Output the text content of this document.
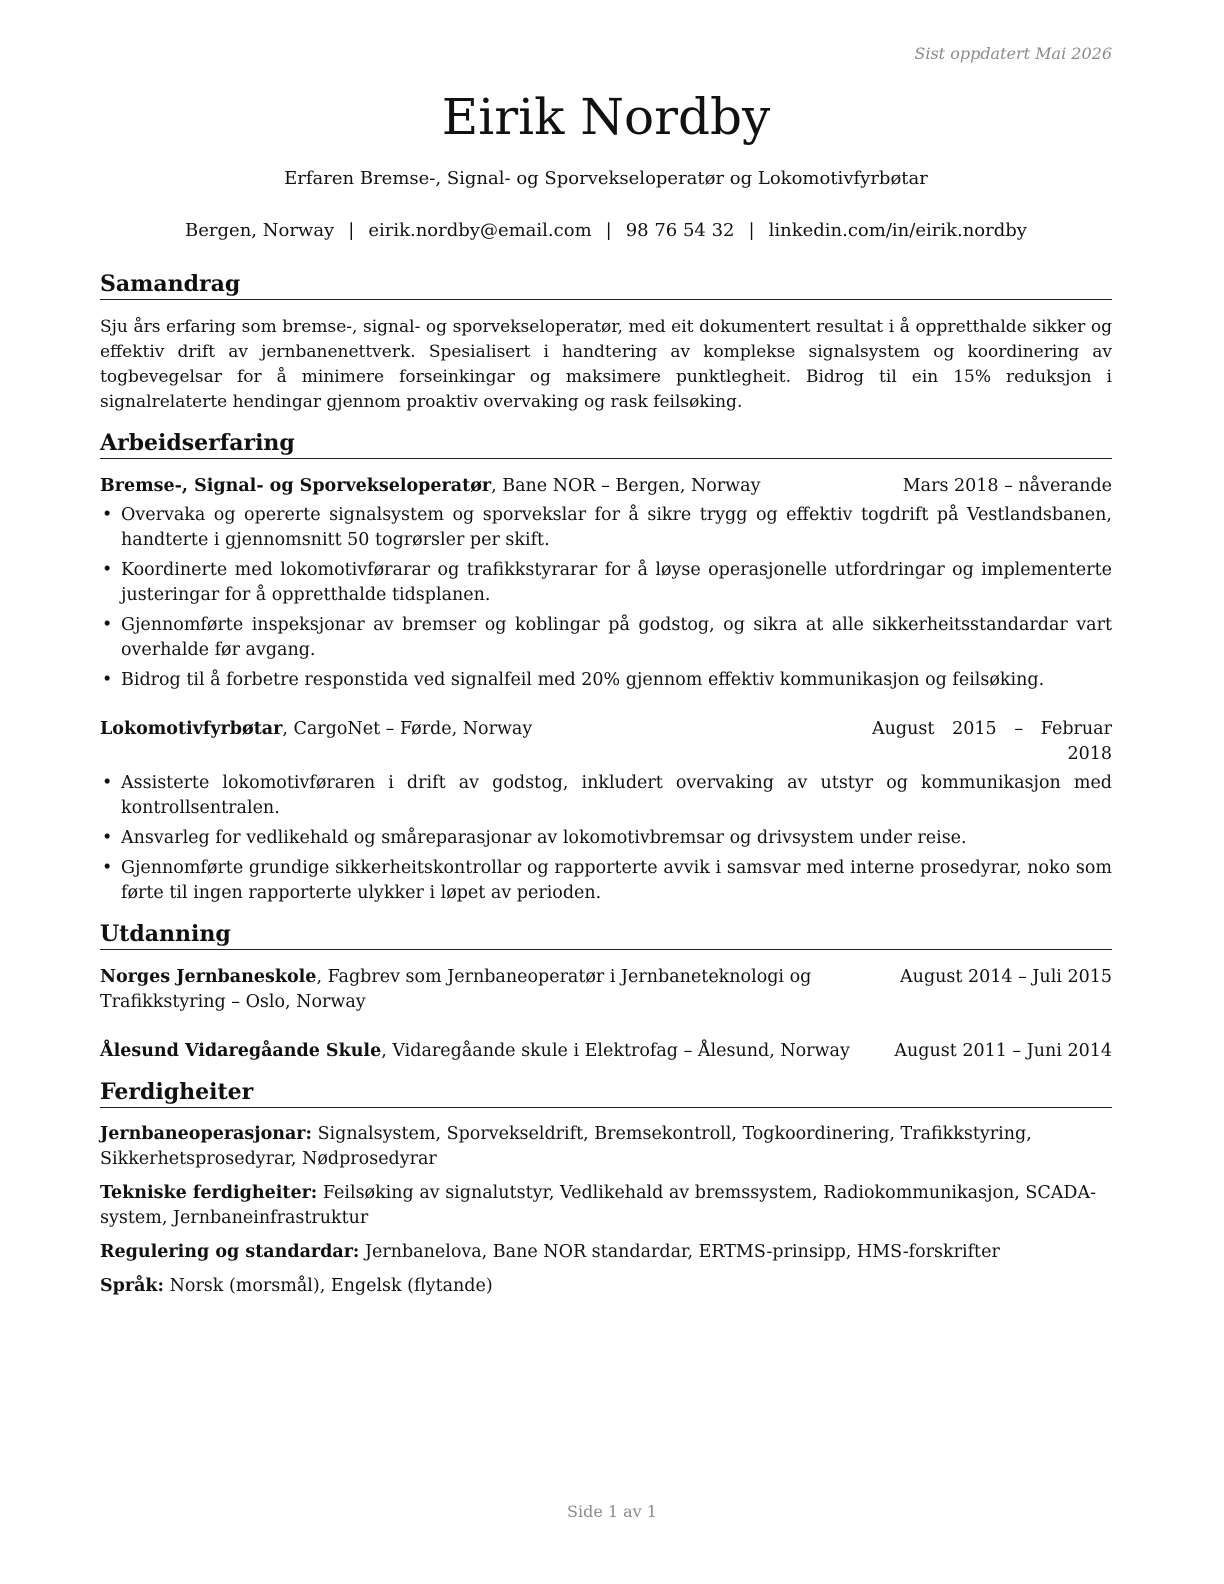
Sist oppdatert Mai 2026
Eirik Nordby
Erfaren Bremse-, Signal- og Sporvekseloperatør og Lokomotivfyrbøtar
Bergen, Norway | eirik.nordby@email.com | 98 76 54 32 | linkedin.com/in/eirik.nordby
Samandrag

Sju års erfaring som bremse-, signal- og sporvekseloperatør, med eit dokumentert resultat i å oppretthalde sikker og effektiv drift av jernbanenettverk. Spesialisert i handtering av komplekse signalsystem og koordinering av togbevegelsar for å minimere forseinkingar og maksimere punktlegheit. Bidrog til ein 15% reduksjon i signalrelaterte hendingar gjennom proaktiv overvaking og rask feilsøking.

Arbeidserfaring
Bremse-, Signal- og Sporvekseloperatør, Bane NOR – Bergen, Norway	Mars 2018 – nåverande
• Overvaka og opererte signalsystem og sporvekslar for å sikre trygg og effektiv togdrift på Vestlandsbanen, handterte i gjennomsnitt 50 togrørsler per skift.
• Koordinerte med lokomotivførarar og trafikkstyrarar for å løyse operasjonelle utfordringar og implementerte justeringar for å oppretthalde tidsplanen.
• Gjennomførte inspeksjonar av bremser og koblingar på godstog, og sikra at alle sikkerheitsstandardar vart overhalde før avgang.
• Bidrog til å forbetre responstida ved signalfeil med 20% gjennom effektiv kommunikasjon og feilsøking.
Lokomotivfyrbøtar, CargoNet – Førde, Norway	August 2015 – Februar 2018
• Assisterte lokomotivføraren i drift av godstog, inkludert overvaking av utstyr og kommunikasjon med kontrollsentralen.
• Ansvarleg for vedlikehald og småreparasjonar av lokomotivbremsar og drivsystem under reise.
• Gjennomførte grundige sikkerheitskontrollar og rapporterte avvik i samsvar med interne prosedyrar, noko som førte til ingen rapporterte ulykker i løpet av perioden.
Utdanning
Norges Jernbaneskole, Fagbrev som Jernbaneoperatør i Jernbaneteknologi og Trafikkstyring – Oslo, Norway
August 2014 – Juli 2015
Ålesund Vidaregåande Skule, Vidaregåande skule i Elektrofag – Ålesund, Norway	August 2011 – Juni 2014
Ferdigheiter
Jernbaneoperasjonar: Signalsystem, Sporvekseldrift, Bremsekontroll, Togkoordinering, Trafikkstyring, Sikkerhetsprosedyrar, Nødprosedyrar
Tekniske ferdigheiter: Feilsøking av signalutstyr, Vedlikehald av bremssystem, Radiokommunikasjon, SCADA-system, Jernbaneinfrastruktur
Regulering og standardar: Jernbanelova, Bane NOR standardar, ERTMS-prinsipp, HMS-forskrifter
Språk: Norsk (morsmål), Engelsk (flytande)
Side 1 av 1
